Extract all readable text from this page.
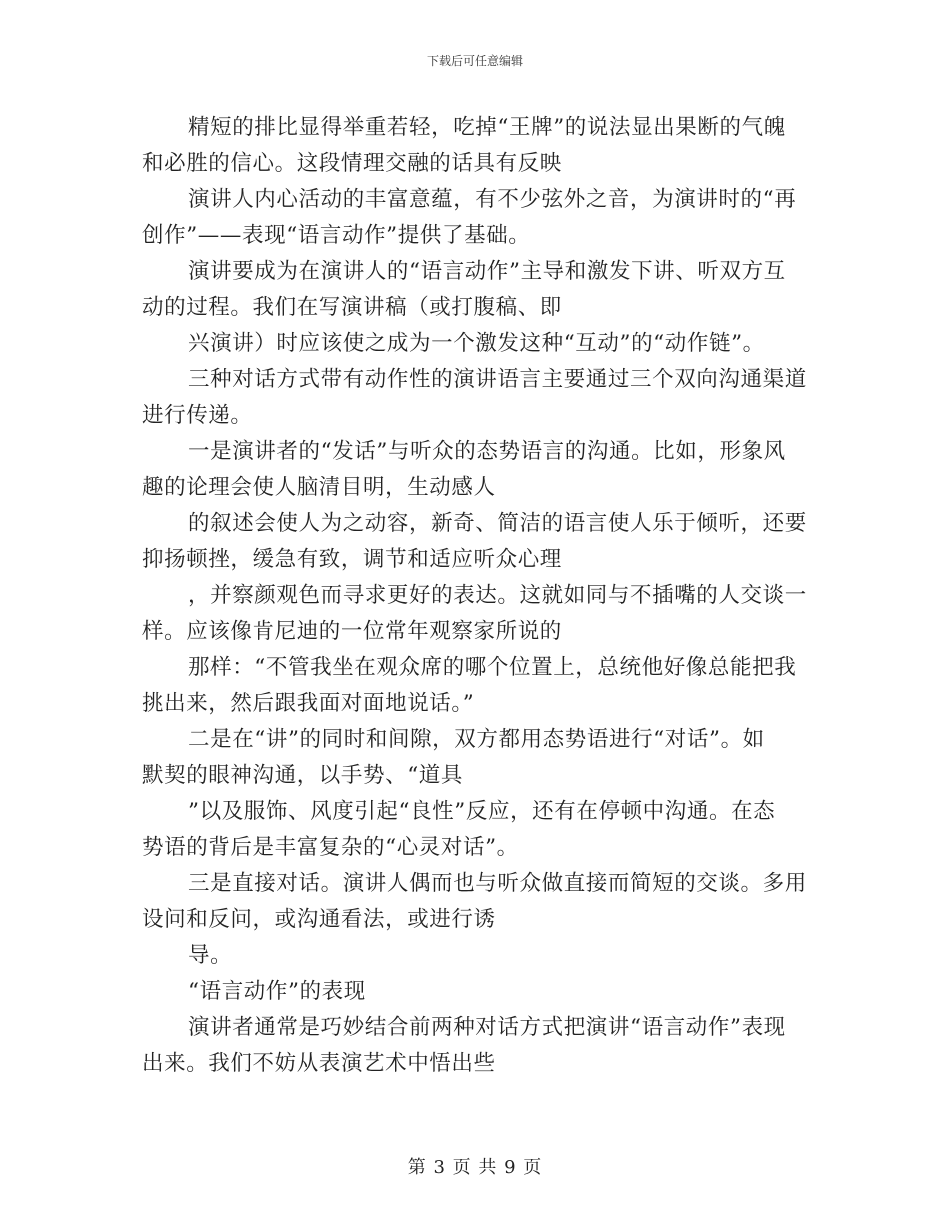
下载后可任意编辑
精短的排比显得举重若轻，吃掉“王牌”的说法显出果断的气魄
和必胜的信心。这段情理交融的话具有反映
演讲人内心活动的丰富意蕴，有不少弦外之音，为演讲时的“再
创作”——表现“语言动作”提供了基础。
演讲要成为在演讲人的“语言动作”主导和激发下讲、听双方互
动的过程。我们在写演讲稿（或打腹稿、即
兴演讲）时应该使之成为一个激发这种“互动”的“动作链”。
三种对话方式带有动作性的演讲语言主要通过三个双向沟通渠道
进行传递。
一是演讲者的“发话”与听众的态势语言的沟通。比如，形象风
趣的论理会使人脑清目明，生动感人
的叙述会使人为之动容，新奇、简洁的语言使人乐于倾听，还要
抑扬顿挫，缓急有致，调节和适应听众心理
，并察颜观色而寻求更好的表达。这就如同与不插嘴的人交谈一
样。应该像肯尼迪的一位常年观察家所说的
那样：“不管我坐在观众席的哪个位置上，总统他好像总能把我
挑出来，然后跟我面对面地说话。”
二是在“讲”的同时和间隙，双方都用态势语进行“对话”。如
默契的眼神沟通，以手势、“道具
”以及服饰、风度引起“良性”反应，还有在停顿中沟通。在态
势语的背后是丰富复杂的“心灵对话”。
三是直接对话。演讲人偶而也与听众做直接而简短的交谈。多用
设问和反问，或沟通看法，或进行诱
导。
“语言动作”的表现
演讲者通常是巧妙结合前两种对话方式把演讲“语言动作”表现
出来。我们不妨从表演艺术中悟出些
第 3 页 共 9 页
